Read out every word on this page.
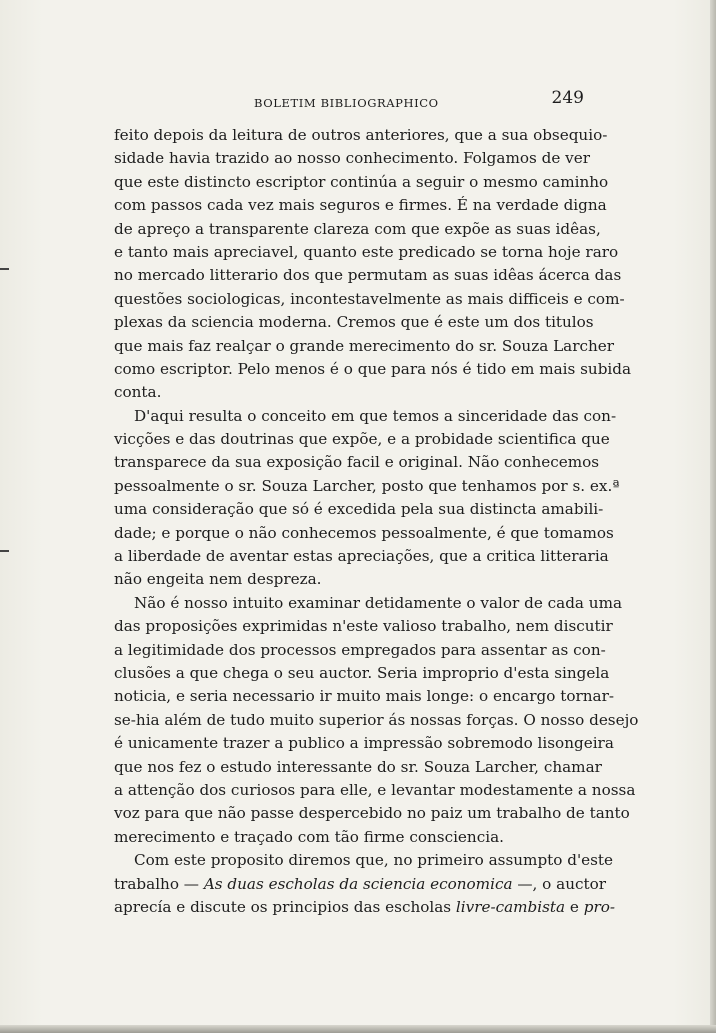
BOLETIM BIBLIOGRAPHICO	249
feito depois da leitura de outros anteriores, que a sua obsequio-
sidade havia trazido ao nosso conhecimento. Folgamos de ver
que este distincto escriptor continúa a seguir o mesmo caminho
com passos cada vez mais seguros e firmes. É na verdade digna
de apreço a transparente clareza com que expõe as suas idêas,
e tanto mais apreciavel, quanto este predicado se torna hoje raro
no mercado litterario dos que permutam as suas idêas ácerca das
questões sociologicas, incontestavelmente as mais difficeis e com-
plexas da sciencia moderna. Cremos que é este um dos titulos
que mais faz realçar o grande merecimento do sr. Souza Larcher
como escriptor. Pelo menos é o que para nós é tido em mais subida
conta.
D'aqui resulta o conceito em que temos a sinceridade das con-
vicções e das doutrinas que expõe, e a probidade scientifica que
transparece da sua exposição facil e original. Não conhecemos
pessoalmente o sr. Souza Larcher, posto que tenhamos por s. ex.ª
uma consideração que só é excedida pela sua distincta amabili-
dade; e porque o não conhecemos pessoalmente, é que tomamos
a liberdade de aventar estas apreciações, que a critica litteraria
não engeita nem despreza.
Não é nosso intuito examinar detidamente o valor de cada uma
das proposições exprimidas n'este valioso trabalho, nem discutir
a legitimidade dos processos empregados para assentar as con-
clusões a que chega o seu auctor. Seria improprio d'esta singela
noticia, e seria necessario ir muito mais longe: o encargo tornar-
se-hia além de tudo muito superior ás nossas forças. O nosso desejo
é unicamente trazer a publico a impressão sobremodo lisongeira
que nos fez o estudo interessante do sr. Souza Larcher, chamar
a attenção dos curiosos para elle, e levantar modestamente a nossa
voz para que não passe despercebido no paiz um trabalho de tanto
merecimento e traçado com tão firme consciencia.
Com este proposito diremos que, no primeiro assumpto d'este
trabalho — As duas escholas da sciencia economica —, o auctor
aprecía e discute os principios das escholas livre-cambista e pro-
